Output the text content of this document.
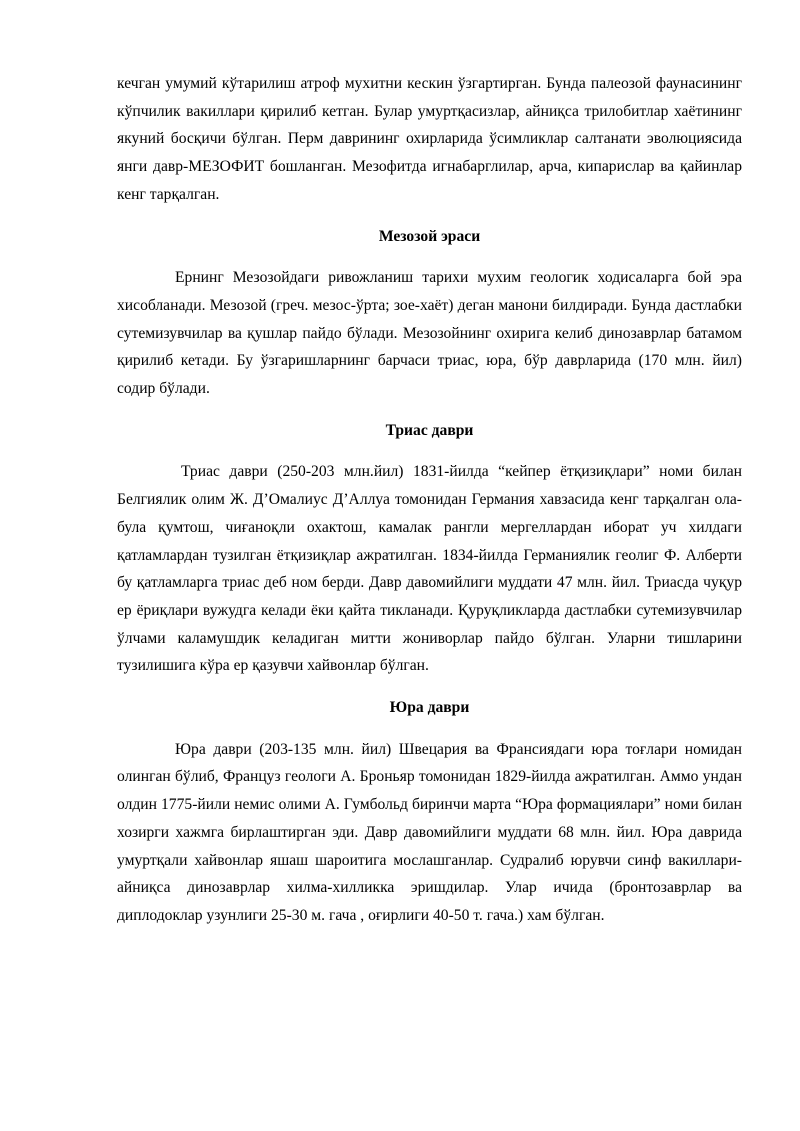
кечган умумий кўтарилиш атроф мухитни кескин ўзгартирган. Бунда палеозой фаунасининг кўпчилик вакиллари қирилиб кетган. Булар умуртқасизлар, айниқса трилобитлар хаётининг якуний босқичи бўлган. Перм даврининг охирларида ўсимликлар салтанати эволюциясида янги давр-МЕЗОФИТ бошланган. Мезофитда игнабарглилар, арча, кипарислар ва қайинлар кенг тарқалган.

Мезозой эраси

Ернинг Мезозойдаги ривожланиш тарихи мухим геологик ходисаларга бой эра хисобланади. Мезозой (греч. мезос-ўрта; зое-хаёт) деган манони билдиради. Бунда дастлабки сутемизувчилар ва қушлар пайдо бўлади. Мезозойнинг охирига келиб динозаврлар батамом қирилиб кетади. Бу ўзгаришларнинг барчаси триас, юра, бўр даврларида (170 млн. йил) содир бўлади.

Триас даври

Триас даври (250-203 млн.йил) 1831-йилда “кейпер ётқизиқлари” номи билан Белгиялик олим Ж. Д’Омалиус Д’Аллуа томонидан Германия хавзасида кенг тарқалган ола-була қумтош, чиғаноқли охактош, камалак рангли мергеллардан иборат уч хилдаги қатламлардан тузилган ётқизиқлар ажратилган. 1834-йилда Германиялик геолиг Ф. Алберти бу қатламларга триас деб ном берди. Давр давомийлиги муддати 47 млн. йил. Триасда чуқур ер ёриқлари вужудга келади ёки қайта тикланади. Қуруқликларда дастлабки сутемизувчилар ўлчами каламушдик келадиган митти жониворлар пайдо бўлган. Уларни тишларини тузилишига кўра ер қазувчи хайвонлар бўлган.

Юра даври

Юра даври (203-135 млн. йил) Швецария ва Франсиядаги юра тоғлари номидан олинган бўлиб, Француз геологи А. Броньяр томонидан 1829-йилда ажратилган. Аммо ундан олдин 1775-йили немис олими А. Гумбольд биринчи марта “Юра формациялари” номи билан хозирги хажмга бирлаштирган эди. Давр давомийлиги муддати 68 млн. йил. Юра даврида умуртқали хайвонлар яшаш шароитига мослашганлар. Судралиб юрувчи синф вакиллари- айниқса динозаврлар хилма-хилликка эришдилар. Улар ичида (бронтозаврлар ва диплодоклар узунлиги 25-30 м. гача , оғирлиги 40-50 т. гача.) хам бўлган.
